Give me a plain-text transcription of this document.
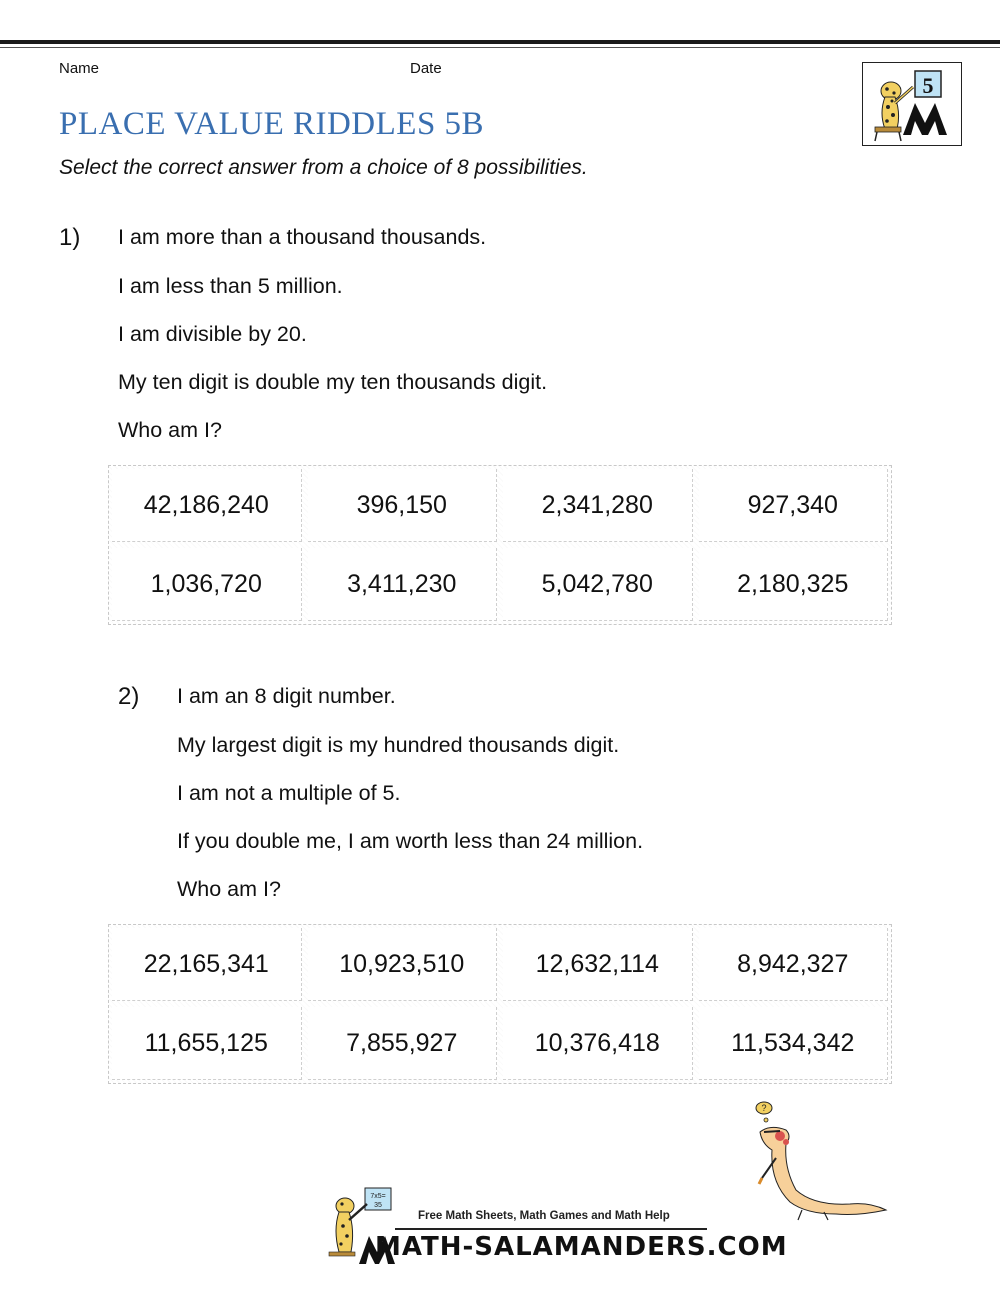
Name	Date
PLACE VALUE RIDDLES 5B
Select the correct answer from a choice of 8 possibilities.
5
1) I am more than a thousand thousands.
I am less than 5 million.
I am divisible by 20.
My ten digit is double my ten thousands digit.
Who am I?
42,186,240	396,150	2,341,280	927,340
1,036,720	3,411,230	5,042,780	2,180,325
2) I am an 8 digit number.
My largest digit is my hundred thousands digit.
I am not a multiple of 5.
If you double me, I am worth less than 24 million.
Who am I?
22,165,341	10,923,510	12,632,114	8,942,327
11,655,125	7,855,927	10,376,418	11,534,342
?
7x5= 35
Free Math Sheets, Math Games and Math Help
MATH-SALAMANDERS.COM
